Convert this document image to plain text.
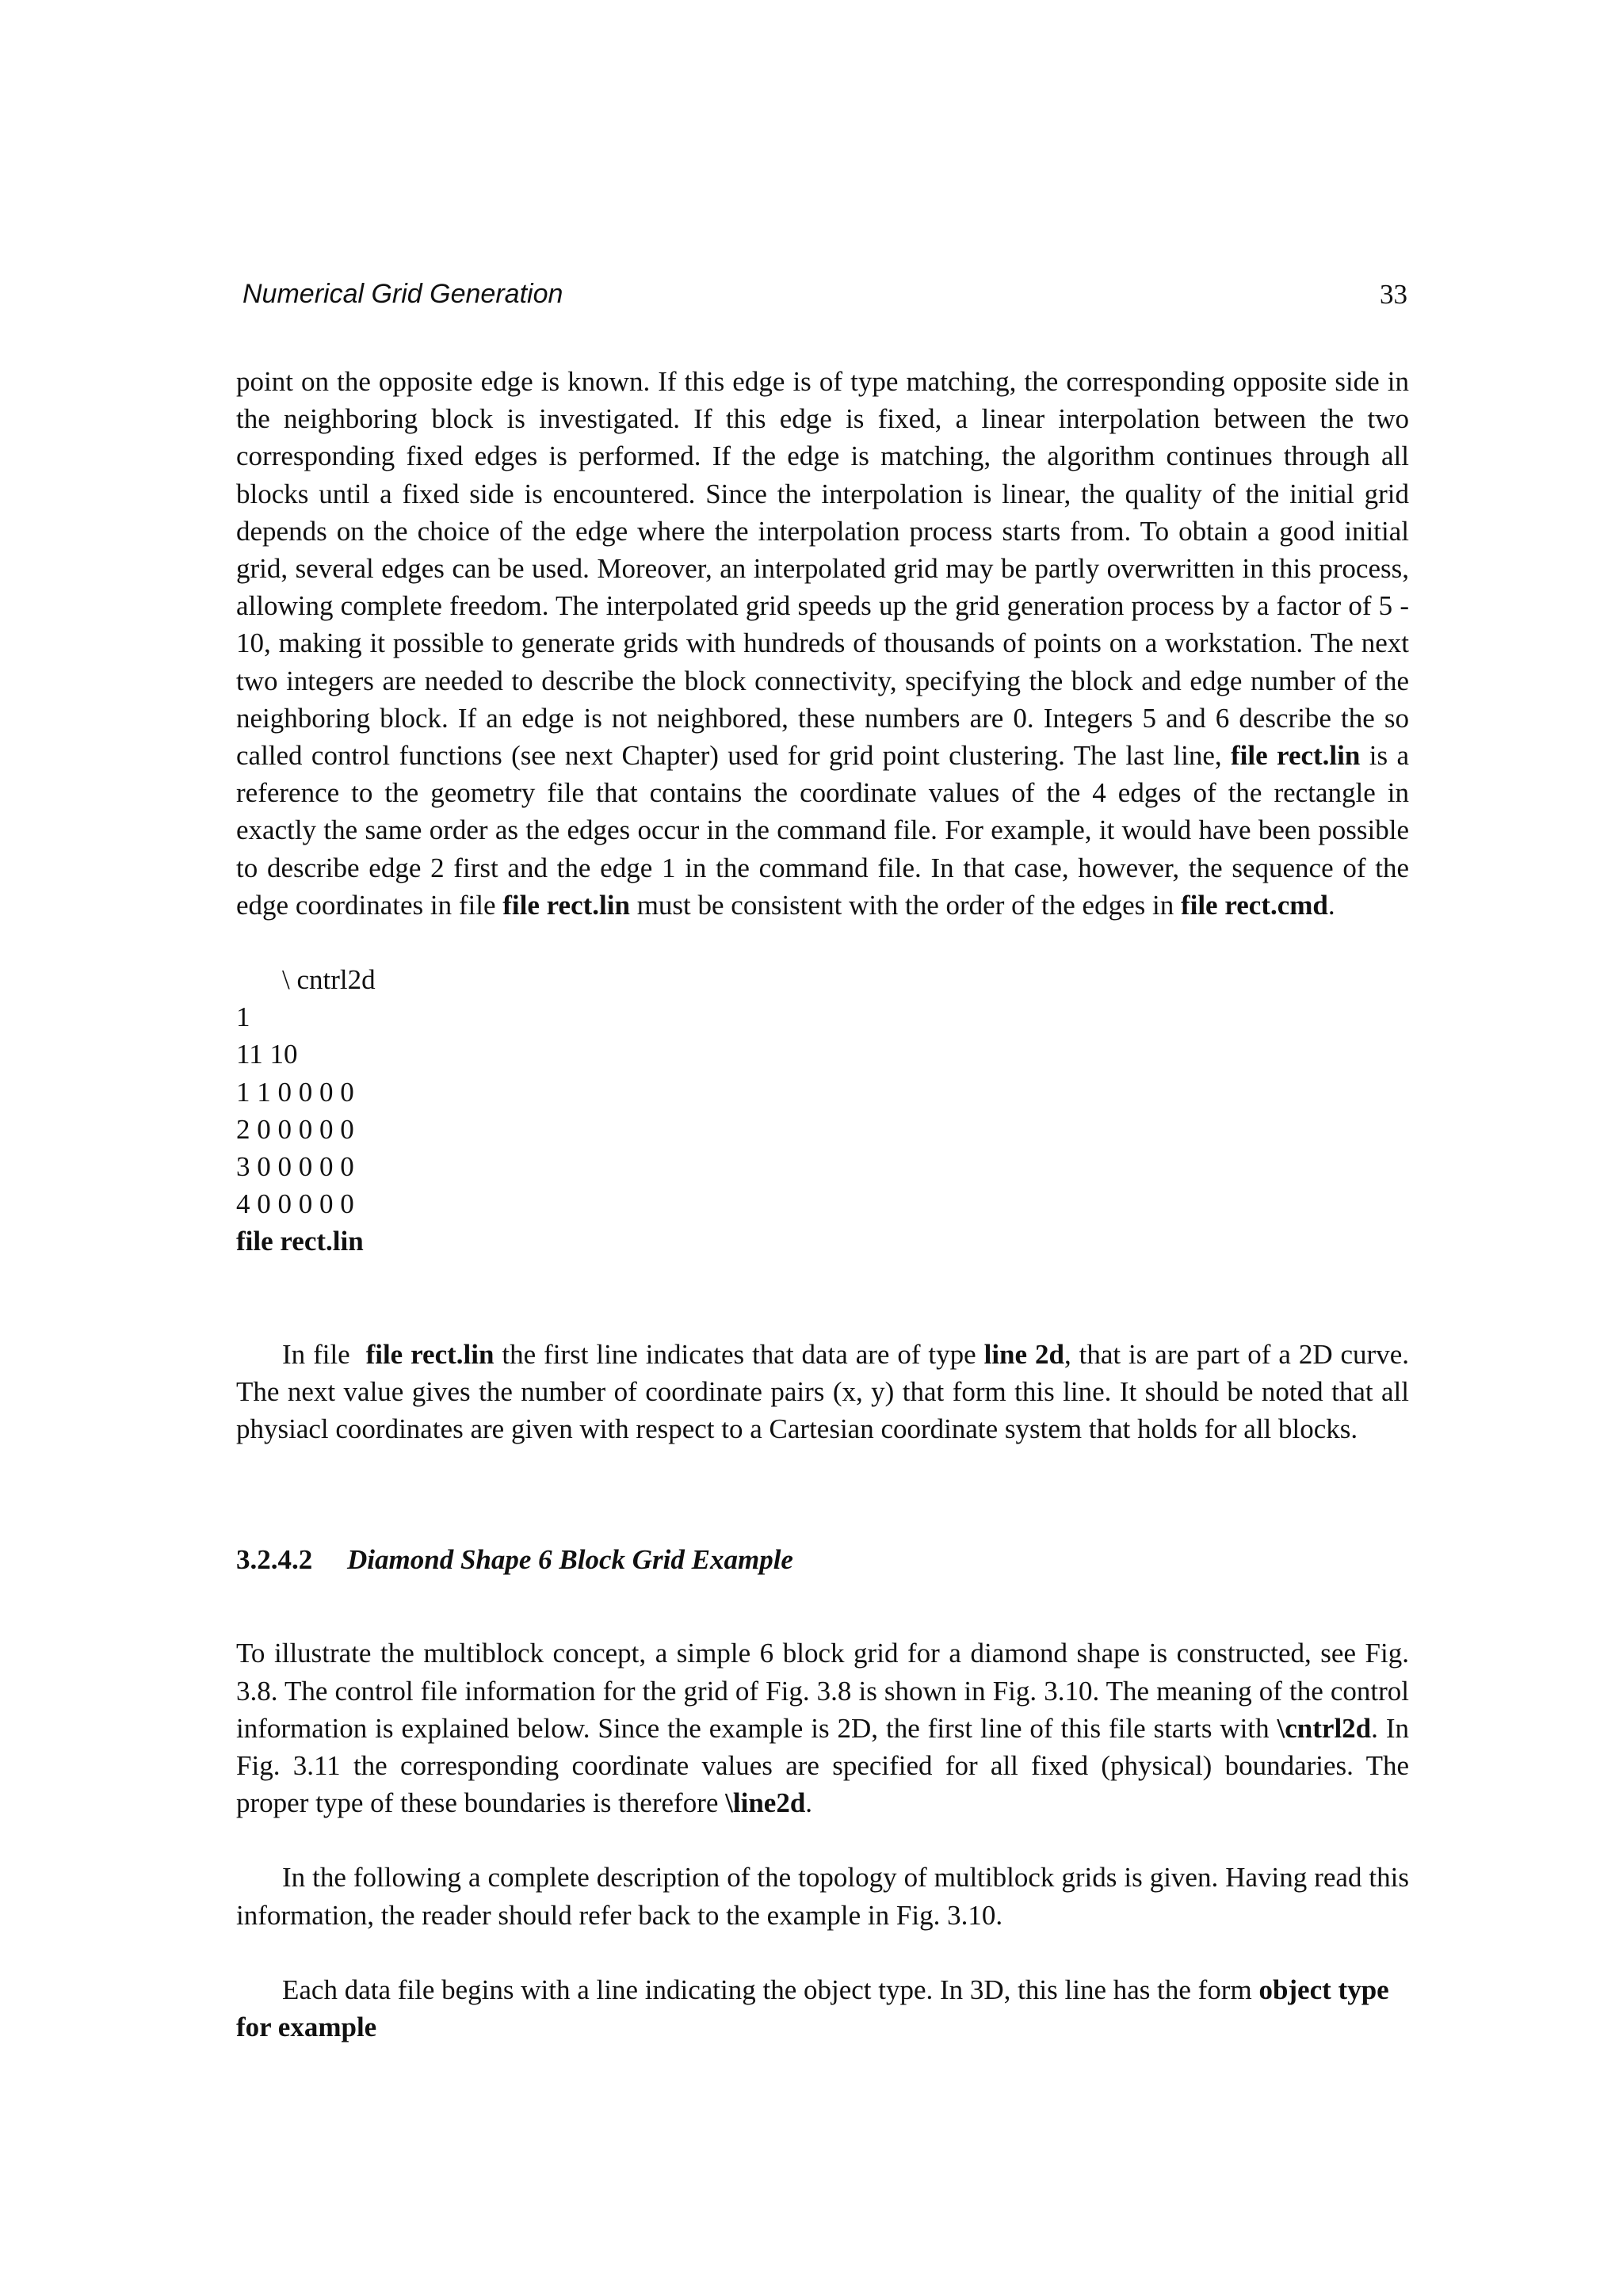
Numerical Grid Generation	33

point on the opposite edge is known. If this edge is of type matching, the corresponding opposite side in the neighboring block is investigated. If this edge is fixed, a linear interpolation between the two corresponding fixed edges is performed. If the edge is matching, the algorithm continues through all blocks until a fixed side is encountered. Since the interpolation is linear, the quality of the initial grid depends on the choice of the edge where the interpolation process starts from. To obtain a good initial grid, several edges can be used. Moreover, an interpolated grid may be partly overwritten in this process, allowing complete freedom. The interpolated grid speeds up the grid generation process by a factor of 5 - 10, making it possible to generate grids with hundreds of thousands of points on a workstation. The next two integers are needed to describe the block connectivity, specifying the block and edge number of the neighboring block. If an edge is not neighbored, these numbers are 0. Integers 5 and 6 describe the so called control functions (see next Chapter) used for grid point clustering. The last line, file rect.lin is a reference to the geometry file that contains the coordinate values of the 4 edges of the rectangle in exactly the same order as the edges occur in the command file. For example, it would have been possible to describe edge 2 first and the edge 1 in the command file. In that case, however, the sequence of the edge coordinates in file file rect.lin must be consistent with the order of the edges in file rect.cmd.

\ cntrl2d
1
11 10
1 1 0 0 0 0
2 0 0 0 0 0
3 0 0 0 0 0
4 0 0 0 0 0
file rect.lin

In file  file rect.lin the first line indicates that data are of type line 2d, that is are part of a 2D curve. The next value gives the number of coordinate pairs (x, y) that form this line. It should be noted that all physiacl coordinates are given with respect to a Cartesian coordinate system that holds for all blocks.

3.2.4.2 Diamond Shape 6 Block Grid Example

To illustrate the multiblock concept, a simple 6 block grid for a diamond shape is constructed, see Fig. 3.8. The control file information for the grid of Fig. 3.8 is shown in Fig. 3.10. The meaning of the control information is explained below. Since the example is 2D, the first line of this file starts with \cntrl2d. In Fig. 3.11 the corresponding coordinate values are specified for all fixed (physical) boundaries. The proper type of these boundaries is therefore \line2d.

In the following a complete description of the topology of multiblock grids is given. Having read this information, the reader should refer back to the example in Fig. 3.10.

Each data file begins with a line indicating the object type. In 3D, this line has the form object type

for example
